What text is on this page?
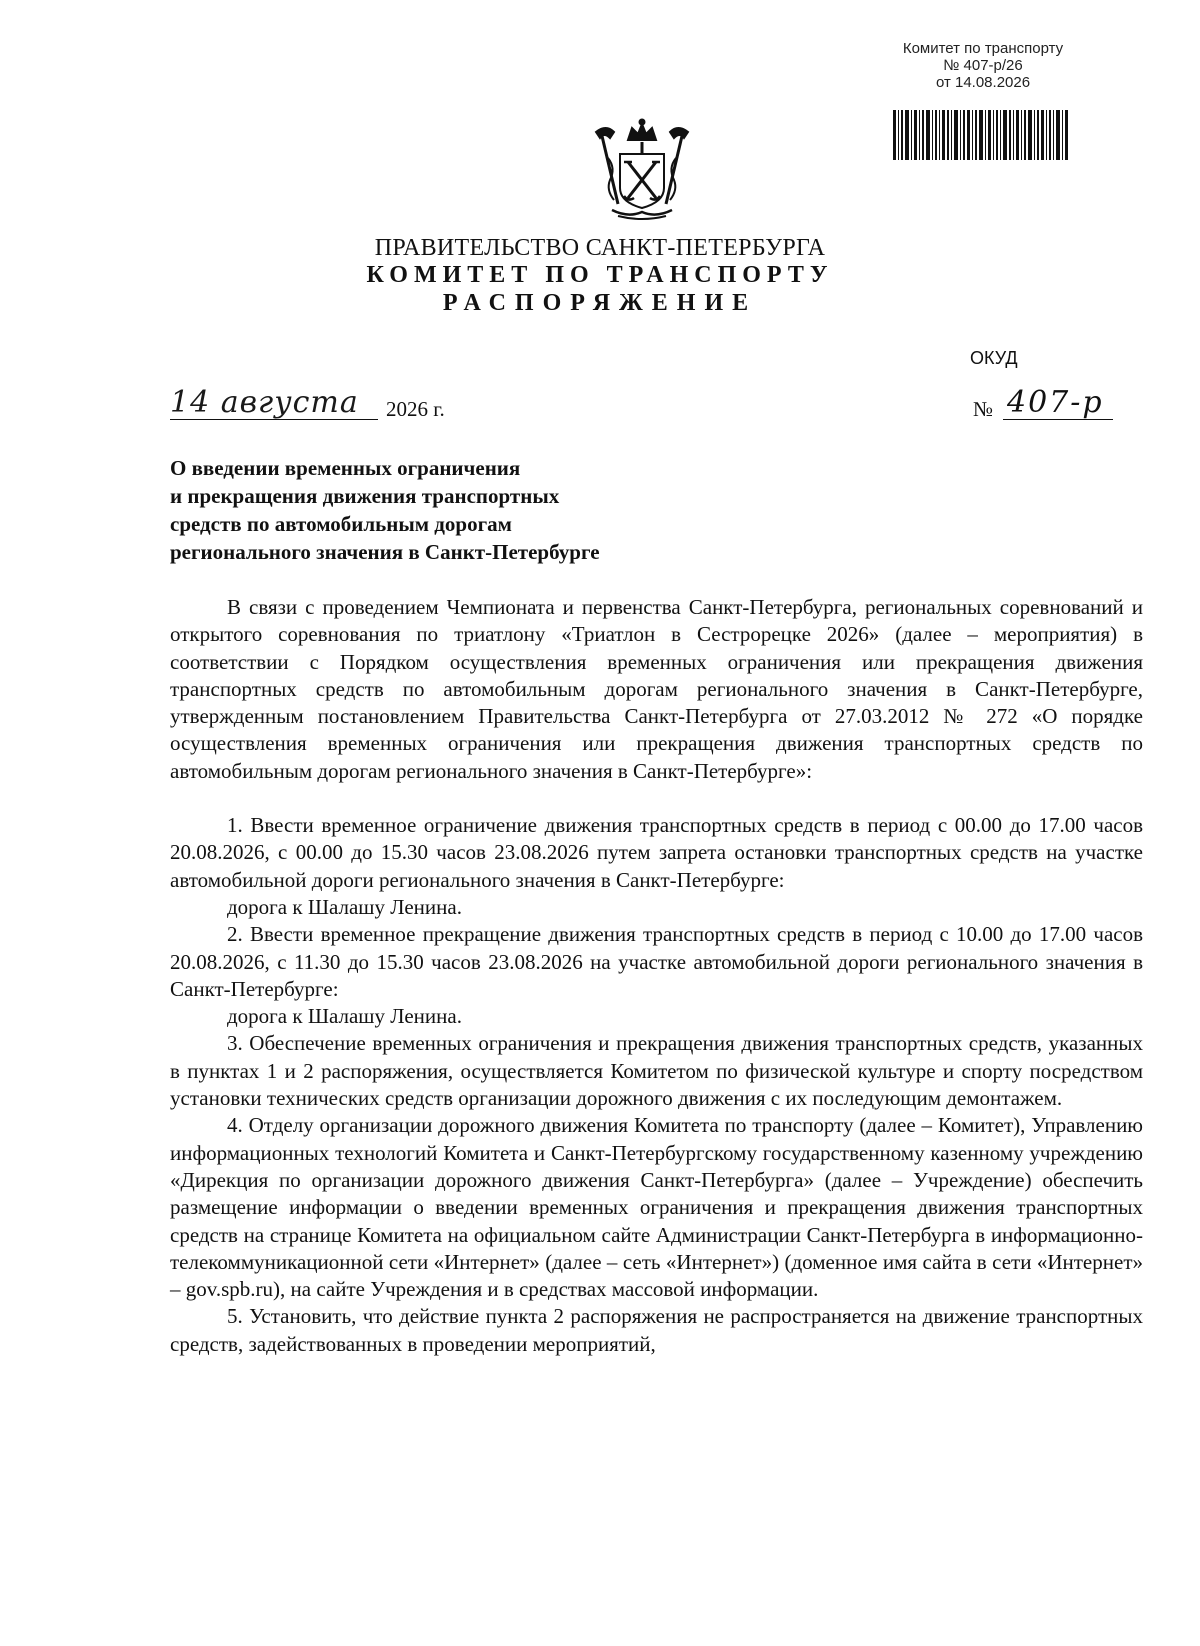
Комитет по транспорту
№ 407-р/26
от 14.08.2026
ПРАВИТЕЛЬСТВО САНКТ-ПЕТЕРБУРГА
КОМИТЕТ ПО ТРАНСПОРТУ
РАСПОРЯЖЕНИЕ
ОКУД
14 августа 2026 г.	№ 407-р
О введении временных ограничения
и прекращения движения транспортных
средств по автомобильным дорогам
регионального значения в Санкт-Петербурге

В связи с проведением Чемпионата и первенства Санкт-Петербурга, региональных соревнований и открытого соревнования по триатлону «Триатлон в Сестрорецке 2026» (далее – мероприятия) в соответствии с Порядком осуществления временных ограничения или прекращения движения транспортных средств по автомобильным дорогам регионального значения в Санкт-Петербурге, утвержденным постановлением Правительства Санкт-Петербурга от 27.03.2012 № 272 «О порядке осуществления временных ограничения или прекращения движения транспортных средств по автомобильным дорогам регионального значения в Санкт-Петербурге»:

1. Ввести временное ограничение движения транспортных средств в период с 00.00 до 17.00 часов 20.08.2026, с 00.00 до 15.30 часов 23.08.2026 путем запрета остановки транспортных средств на участке автомобильной дороги регионального значения в Санкт-Петербурге:

дорога к Шалашу Ленина.

2. Ввести временное прекращение движения транспортных средств в период с 10.00 до 17.00 часов 20.08.2026, с 11.30 до 15.30 часов 23.08.2026 на участке автомобильной дороги регионального значения в Санкт-Петербурге:

дорога к Шалашу Ленина.

3. Обеспечение временных ограничения и прекращения движения транспортных средств, указанных в пунктах 1 и 2 распоряжения, осуществляется Комитетом по физической культуре и спорту посредством установки технических средств организации дорожного движения с их последующим демонтажем.

4. Отделу организации дорожного движения Комитета по транспорту (далее – Комитет), Управлению информационных технологий Комитета и Санкт-Петербургскому государственному казенному учреждению «Дирекция по организации дорожного движения Санкт-Петербурга» (далее – Учреждение) обеспечить размещение информации о введении временных ограничения и прекращения движения транспортных средств на странице Комитета на официальном сайте Администрации Санкт-Петербурга в информационно-телекоммуникационной сети «Интернет» (далее – сеть «Интернет») (доменное имя сайта в сети «Интернет» – gov.spb.ru), на сайте Учреждения и в средствах массовой информации.

5. Установить, что действие пункта 2 распоряжения не распространяется на движение транспортных средств, задействованных в проведении мероприятий,
